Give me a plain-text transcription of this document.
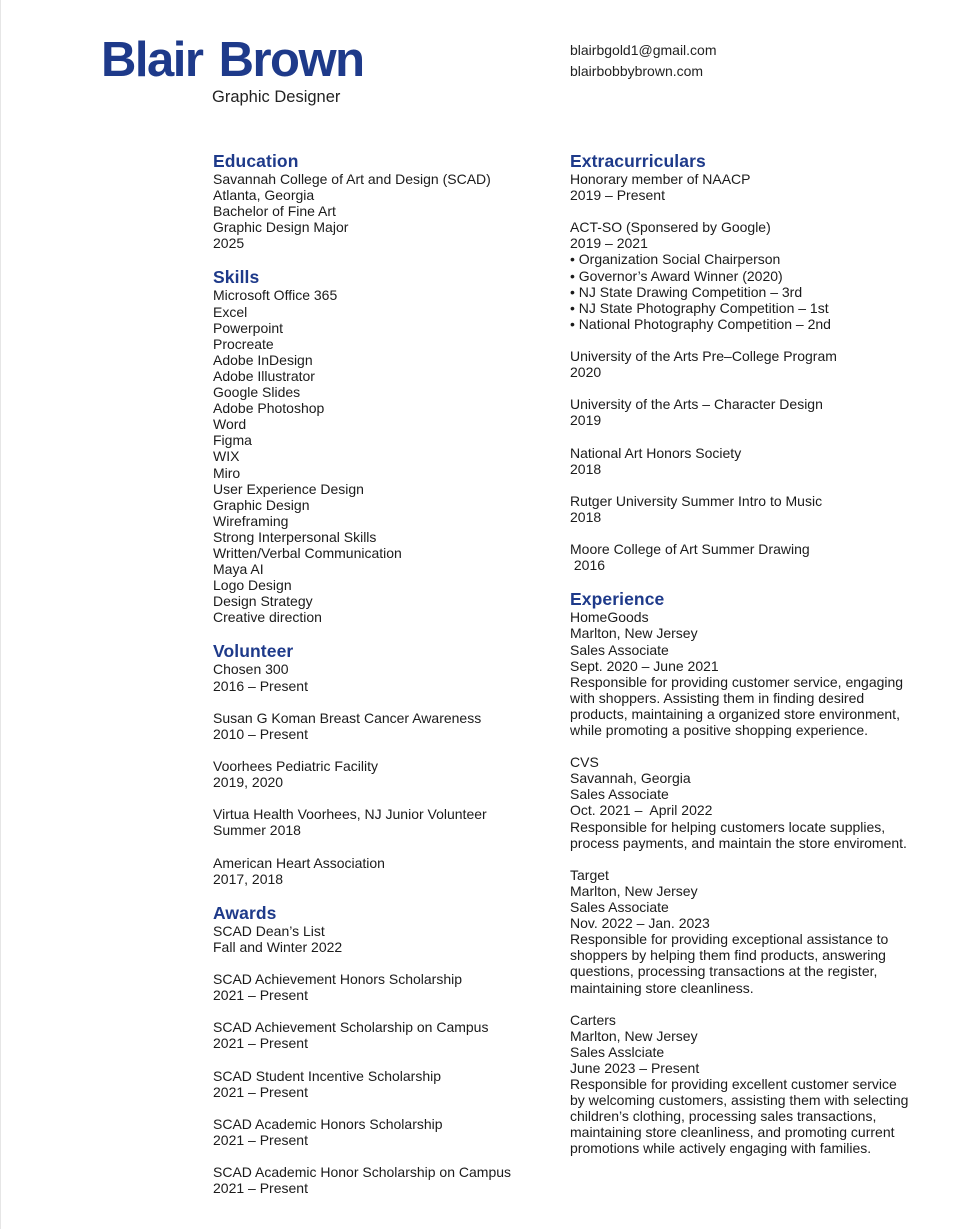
Blair Brown
Graphic Designer
blairbgold1@gmail.com
blairbobbybrown.com
Education
Savannah College of Art and Design (SCAD)
Atlanta, Georgia
Bachelor of Fine Art
Graphic Design Major
2025
Skills
Microsoft Office 365
Excel
Powerpoint
Procreate
Adobe InDesign
Adobe Illustrator
Google Slides
Adobe Photoshop
Word
Figma
WIX
Miro
User Experience Design
Graphic Design
Wireframing
Strong Interpersonal Skills
Written/Verbal Communication
Maya AI
Logo Design
Design Strategy
Creative direction
Volunteer
Chosen 300
2016 – Present
Susan G Koman Breast Cancer Awareness
2010 – Present
Voorhees Pediatric Facility
2019, 2020
Virtua Health Voorhees, NJ Junior Volunteer
Summer 2018
American Heart Association
2017, 2018
Awards
SCAD Dean’s List
Fall and Winter 2022
SCAD Achievement Honors Scholarship
2021 – Present
SCAD Achievement Scholarship on Campus
2021 – Present
SCAD Student Incentive Scholarship
2021 – Present
SCAD Academic Honors Scholarship
2021 – Present
SCAD Academic Honor Scholarship on Campus
2021 – Present
Extracurriculars
Honorary member of NAACP
2019 – Present
ACT-SO (Sponsered by Google)
2019 – 2021
• Organization Social Chairperson
• Governor’s Award Winner (2020)
• NJ State Drawing Competition – 3rd
• NJ State Photography Competition – 1st
• National Photography Competition – 2nd
University of the Arts Pre–College Program
2020
University of the Arts – Character Design
2019
National Art Honors Society
2018
Rutger University Summer Intro to Music
2018
Moore College of Art Summer Drawing
2016
Experience
HomeGoods
Marlton, New Jersey
Sales Associate
Sept. 2020 – June 2021
Responsible for providing customer service, engaging with shoppers. Assisting them in finding desired products, maintaining a organized store environment, while promoting a positive shopping experience.
CVS
Savannah, Georgia
Sales Associate
Oct. 2021 –  April 2022
Responsible for helping customers locate supplies, process payments, and maintain the store enviroment.
Target
Marlton, New Jersey
Sales Associate
Nov. 2022 – Jan. 2023
Responsible for providing exceptional assistance to shoppers by helping them find products, answering questions, processing transactions at the register, maintaining store cleanliness.
Carters
Marlton, New Jersey
Sales Asslciate
June 2023 – Present
Responsible for providing excellent customer service by welcoming customers, assisting them with selecting children’s clothing, processing sales transactions, maintaining store cleanliness, and promoting current promotions while actively engaging with families.
